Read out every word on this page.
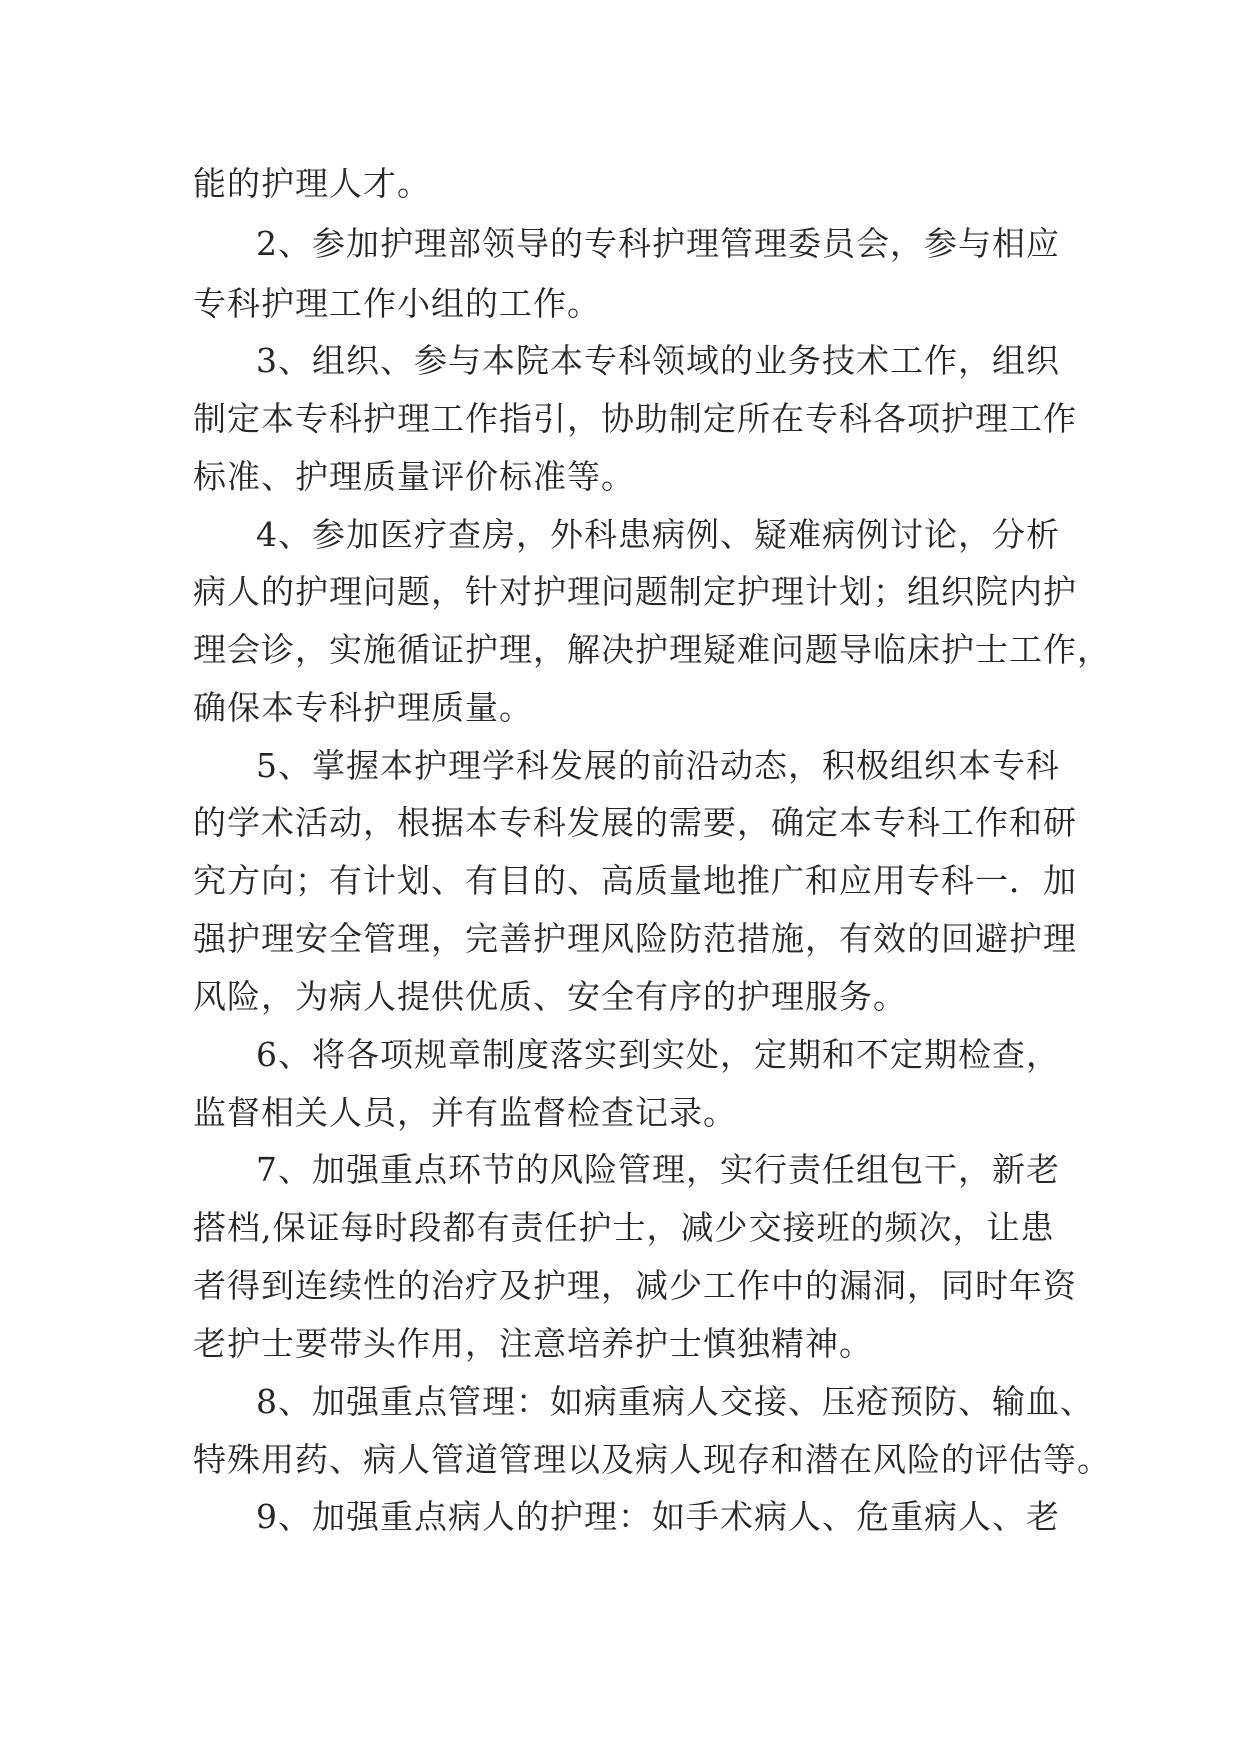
能的护理人才。
2、参加护理部领导的专科护理管理委员会，参与相应
专科护理工作小组的工作。
3、组织、参与本院本专科领域的业务技术工作，组织
制定本专科护理工作指引，协助制定所在专科各项护理工作
标准、护理质量评价标准等。
4、参加医疗查房，外科患病例、疑难病例讨论，分析
病人的护理问题，针对护理问题制定护理计划；组织院内护
理会诊，实施循证护理，解决护理疑难问题导临床护士工作，
确保本专科护理质量。
5、掌握本护理学科发展的前沿动态，积极组织本专科
的学术活动，根据本专科发展的需要，确定本专科工作和研
究方向；有计划、有目的、高质量地推广和应用专科一．加
强护理安全管理，完善护理风险防范措施，有效的回避护理
风险，为病人提供优质、安全有序的护理服务。
6、将各项规章制度落实到实处，定期和不定期检查，
监督相关人员，并有监督检查记录。
7、加强重点环节的风险管理，实行责任组包干，新老
搭档,保证每时段都有责任护士，减少交接班的频次，让患
者得到连续性的治疗及护理，减少工作中的漏洞，同时年资
老护士要带头作用，注意培养护士慎独精神。
8、加强重点管理：如病重病人交接、压疮预防、输血、
特殊用药、病人管道管理以及病人现存和潜在风险的评估等。
9、加强重点病人的护理：如手术病人、危重病人、老
